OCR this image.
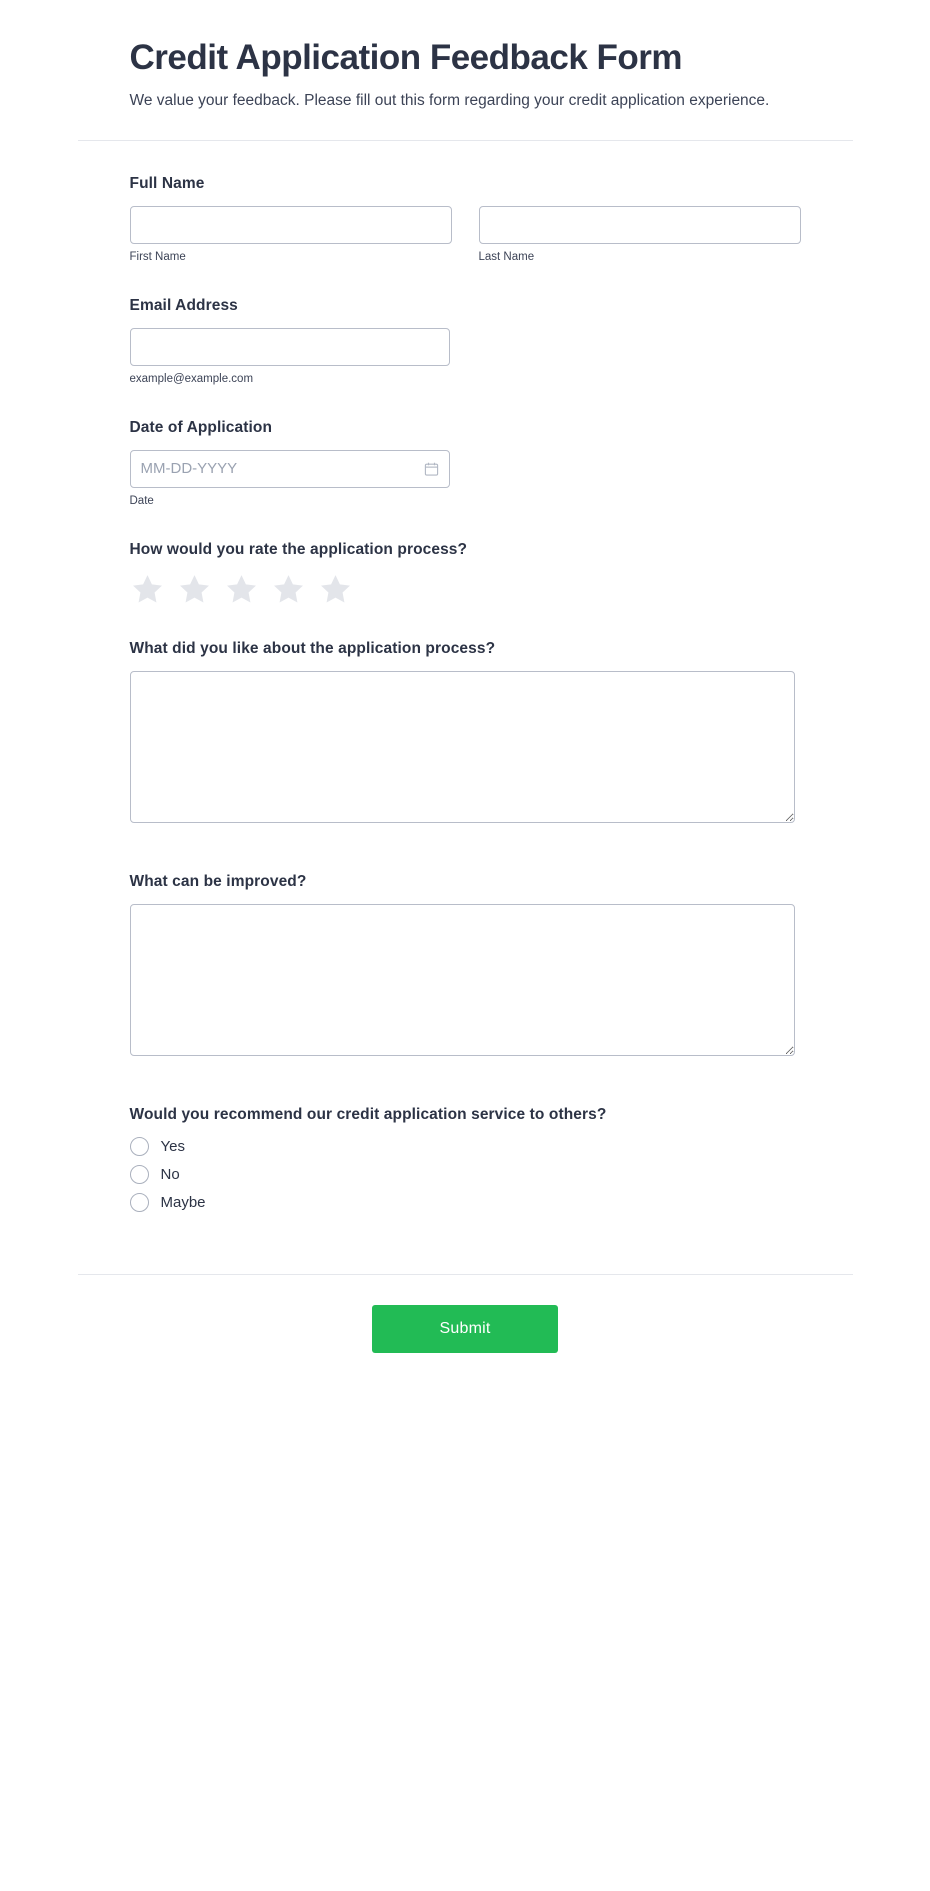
Credit Application Feedback Form

We value your feedback. Please fill out this form regarding your credit application experience.

Full Name
First Name	Last Name
Email Address
example@example.com
Date of Application
MM-DD-YYYY
Date
How would you rate the application process?
What did you like about the application process?
What can be improved?
Would you recommend our credit application service to others?
Yes
No
Maybe
Submit
